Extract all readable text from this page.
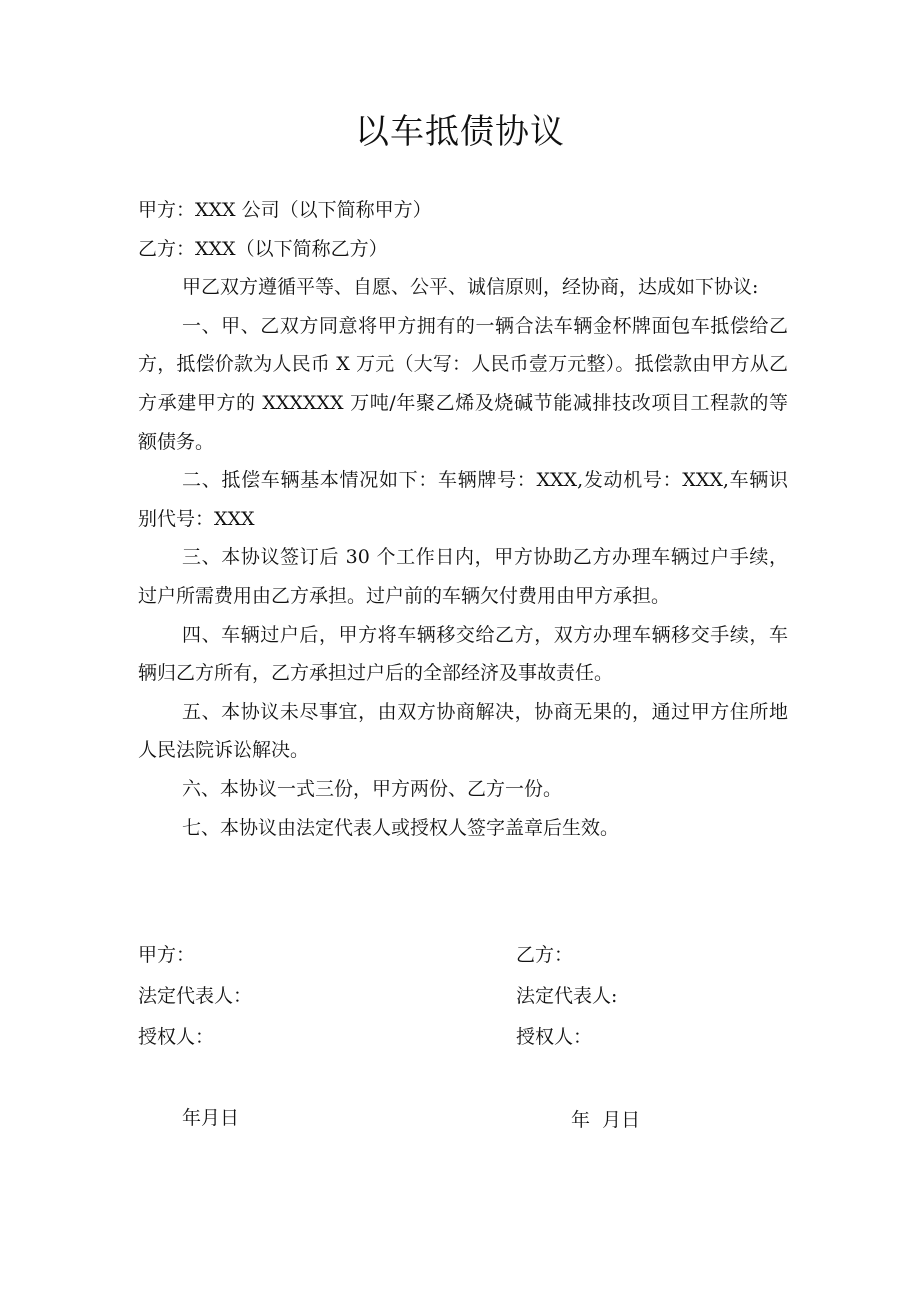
以车抵债协议

甲方：XXX 公司（以下简称甲方）

乙方：XXX（以下简称乙方）

甲乙双方遵循平等、自愿、公平、诚信原则，经协商，达成如下协议:

一、甲、乙双方同意将甲方拥有的一辆合法车辆金杯牌面包车抵偿给乙方，抵偿价款为人民币 X 万元（大写：人民币壹万元整）。抵偿款由甲方从乙方承建甲方的 XXXXXX 万吨/年聚乙烯及烧碱节能减排技改项目工程款的等额债务。

二、抵偿车辆基本情况如下：车辆牌号：XXX,发动机号：XXX,车辆识别代号：XXX

三、本协议签订后 30 个工作日内，甲方协助乙方办理车辆过户手续，过户所需费用由乙方承担。过户前的车辆欠付费用由甲方承担。

四、车辆过户后，甲方将车辆移交给乙方，双方办理车辆移交手续，车辆归乙方所有，乙方承担过户后的全部经济及事故责任。

五、本协议未尽事宜，由双方协商解决，协商无果的，通过甲方住所地人民法院诉讼解决。

六、本协议一式三份，甲方两份、乙方一份。

七、本协议由法定代表人或授权人签字盖章后生效。

甲方：	乙方：
法定代表人：	法定代表人:
授权人：	授权人：
年月日	年  月日
